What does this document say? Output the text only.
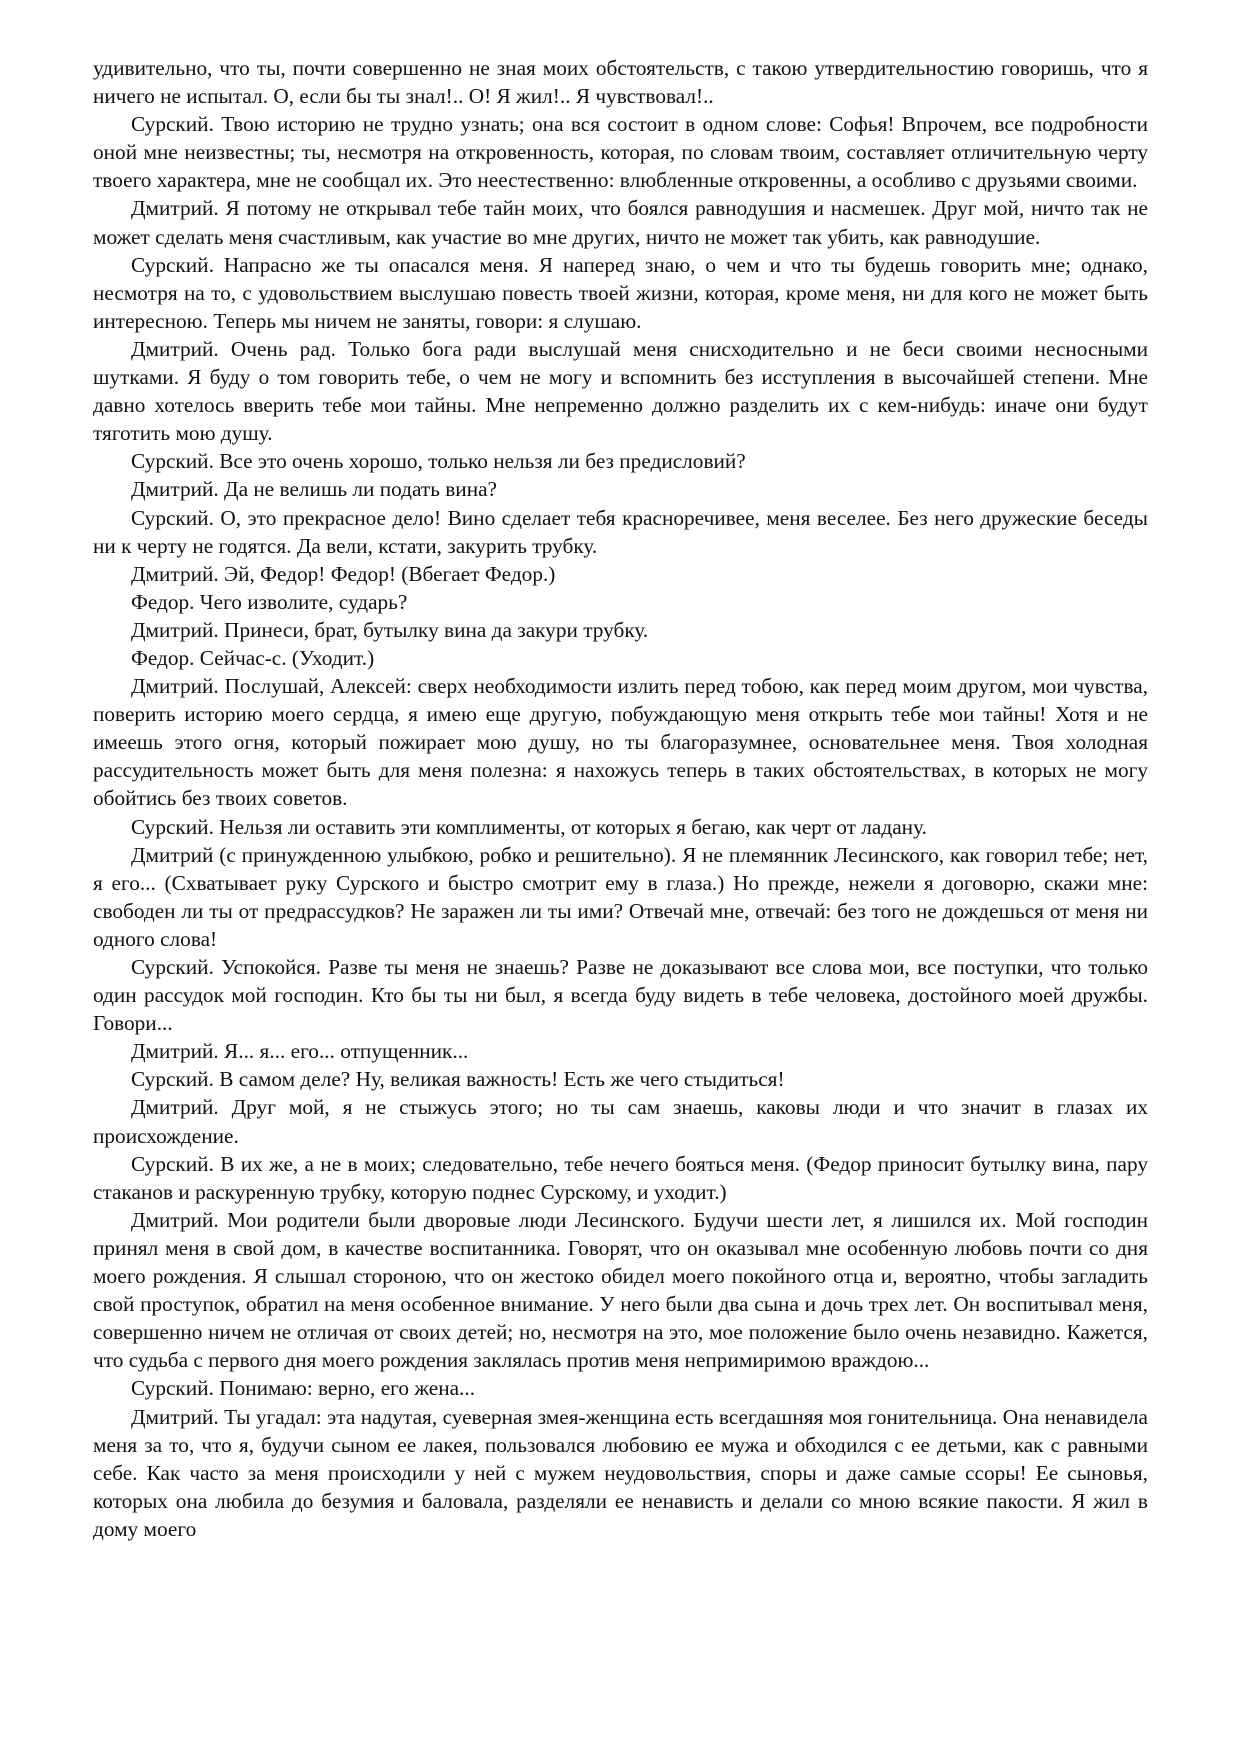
удивительно, что ты, почти совершенно не зная моих обстоятельств, с такою утвердительностию говоришь, что я ничего не испытал. О, если бы ты знал!.. О! Я жил!.. Я чувствовал!..

Сурский. Твою историю не трудно узнать; она вся состоит в одном слове: Софья! Впрочем, все подробности оной мне неизвестны; ты, несмотря на откровенность, которая, по словам твоим, составляет отличительную черту твоего характера, мне не сообщал их. Это неестественно: влюбленные откровенны, а особливо с друзьями своими.

Дмитрий. Я потому не открывал тебе тайн моих, что боялся равнодушия и насмешек. Друг мой, ничто так не может сделать меня счастливым, как участие во мне других, ничто не может так убить, как равнодушие.

Сурский. Напрасно же ты опасался меня. Я наперед знаю, о чем и что ты будешь говорить мне; однако, несмотря на то, с удовольствием выслушаю повесть твоей жизни, которая, кроме меня, ни для кого не может быть интересною. Теперь мы ничем не заняты, говори: я слушаю.

Дмитрий. Очень рад. Только бога ради выслушай меня снисходительно и не беси своими несносными шутками. Я буду о том говорить тебе, о чем не могу и вспомнить без исступления в высочайшей степени. Мне давно хотелось вверить тебе мои тайны. Мне непременно должно разделить их с кем-нибудь: иначе они будут тяготить мою душу.

Сурский. Все это очень хорошо, только нельзя ли без предисловий?

Дмитрий. Да не велишь ли подать вина?

Сурский. О, это прекрасное дело! Вино сделает тебя красноречивее, меня веселее. Без него дружеские беседы ни к черту не годятся. Да вели, кстати, закурить трубку.

Дмитрий. Эй, Федор! Федор! (Вбегает Федор.)

Федор. Чего изволите, сударь?

Дмитрий. Принеси, брат, бутылку вина да закури трубку.

Федор. Сейчас-с. (Уходит.)

Дмитрий. Послушай, Алексей: сверх необходимости излить перед тобою, как перед моим другом, мои чувства, поверить историю моего сердца, я имею еще другую, побуждающую меня открыть тебе мои тайны! Хотя и не имеешь этого огня, который пожирает мою душу, но ты благоразумнее, основательнее меня. Твоя холодная рассудительность может быть для меня полезна: я нахожусь теперь в таких обстоятельствах, в которых не могу обойтись без твоих советов.

Сурский. Нельзя ли оставить эти комплименты, от которых я бегаю, как черт от ладану.

Дмитрий (с принужденною улыбкою, робко и решительно). Я не племянник Лесинского, как говорил тебе; нет, я его... (Схватывает руку Сурского и быстро смотрит ему в глаза.) Но прежде, нежели я договорю, скажи мне: свободен ли ты от предрассудков? Не заражен ли ты ими? Отвечай мне, отвечай: без того не дождешься от меня ни одного слова!

Сурский. Успокойся. Разве ты меня не знаешь? Разве не доказывают все слова мои, все поступки, что только один рассудок мой господин. Кто бы ты ни был, я всегда буду видеть в тебе человека, достойного моей дружбы. Говори...

Дмитрий. Я... я... его... отпущенник...

Сурский. В самом деле? Ну, великая важность! Есть же чего стыдиться!

Дмитрий. Друг мой, я не стыжусь этого; но ты сам знаешь, каковы люди и что значит в глазах их происхождение.

Сурский. В их же, а не в моих; следовательно, тебе нечего бояться меня. (Федор приносит бутылку вина, пару стаканов и раскуренную трубку, которую поднес Сурскому, и уходит.)

Дмитрий. Мои родители были дворовые люди Лесинского. Будучи шести лет, я лишился их. Мой господин принял меня в свой дом, в качестве воспитанника. Говорят, что он оказывал мне особенную любовь почти со дня моего рождения. Я слышал стороною, что он жестоко обидел моего покойного отца и, вероятно, чтобы загладить свой проступок, обратил на меня особенное внимание. У него были два сына и дочь трех лет. Он воспитывал меня, совершенно ничем не отличая от своих детей; но, несмотря на это, мое положение было очень незавидно. Кажется, что судьба с первого дня моего рождения заклялась против меня непримиримою враждою...

Сурский. Понимаю: верно, его жена...

Дмитрий. Ты угадал: эта надутая, суеверная змея-женщина есть всегдашняя моя гонительница. Она ненавидела меня за то, что я, будучи сыном ее лакея, пользовался любовию ее мужа и обходился с ее детьми, как с равными себе. Как часто за меня происходили у ней с мужем неудовольствия, споры и даже самые ссоры! Ее сыновья, которых она любила до безумия и баловала, разделяли ее ненависть и делали со мною всякие пакости. Я жил в дому моего
